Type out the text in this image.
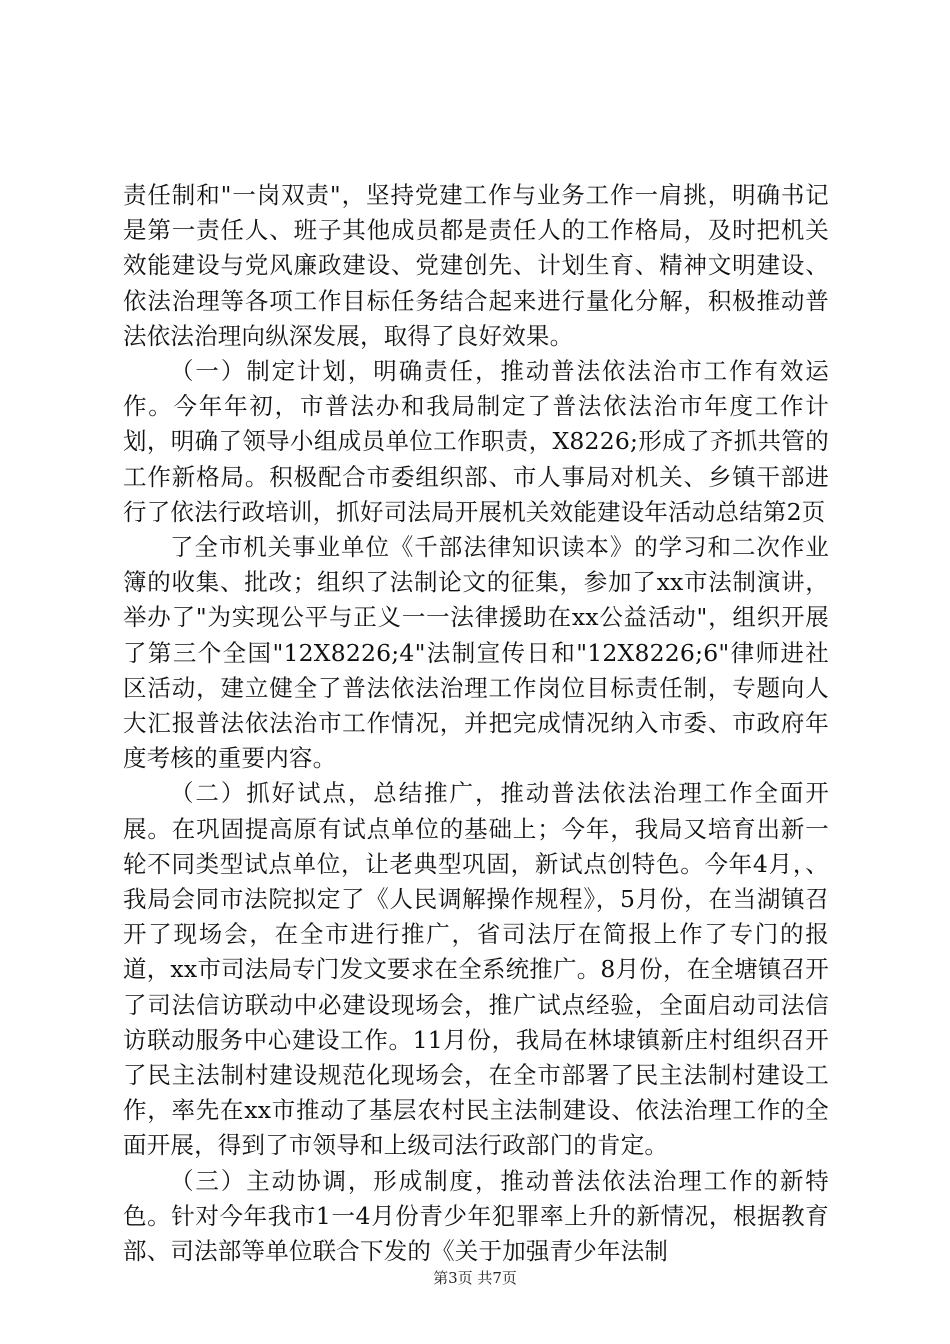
责任制和"一岗双责"，坚持党建工作与业务工作一肩挑，明确书记是第一责任人、班子其他成员都是责任人的工作格局，及时把机关效能建设与党风廉政建设、党建创先、计划生育、精神文明建设、依法治理等各项工作目标任务结合起来进行量化分解，积极推动普法依法治理向纵深发展，取得了良好效果。

（一）制定计划，明确责任，推动普法依法治市工作有效运作。今年年初，市普法办和我局制定了普法依法治市年度工作计划，明确了领导小组成员单位工作职责，X8226;形成了齐抓共管的工作新格局。积极配合市委组织部、市人事局对机关、乡镇干部进行了依法行政培训，抓好司法局开展机关效能建设年活动总结第2页

了全市机关事业单位《千部法律知识读本》的学习和二次作业簿的收集、批改；组织了法制论文的征集，参加了xx市法制演讲，举办了"为实现公平与正义一一法律援助在xx公益活动"，组织开展了第三个全国"12X8226;4"法制宣传日和"12X8226;6"律师进社区活动，建立健全了普法依法治理工作岗位目标责任制，专题向人大汇报普法依法治市工作情况，并把完成情况纳入市委、市政府年度考核的重要内容。

（二）抓好试点，总结推广，推动普法依法治理工作全面开展。在巩固提高原有试点单位的基础上；今年，我局又培育出新一轮不同类型试点单位，让老典型巩固，新试点创特色。今年4月，、我局会同市法院拟定了《人民调解操作规程》，5月份，在当湖镇召开了现场会，在全市进行推广，省司法厅在简报上作了专门的报道，xx市司法局专门发文要求在全系统推广。8月份，在全塘镇召开了司法信访联动中必建设现场会，推广试点经验，全面启动司法信访联动服务中心建设工作。11月份，我局在林埭镇新庄村组织召开了民主法制村建设规范化现场会，在全市部署了民主法制村建设工作，率先在xx市推动了基层农村民主法制建设、依法治理工作的全面开展，得到了市领导和上级司法行政部门的肯定。

（三）主动协调，形成制度，推动普法依法治理工作的新特色。针对今年我市1一4月份青少年犯罪率上升的新情况，根据教育部、司法部等单位联合下发的《关于加强青少年法制

第3页 共7页
